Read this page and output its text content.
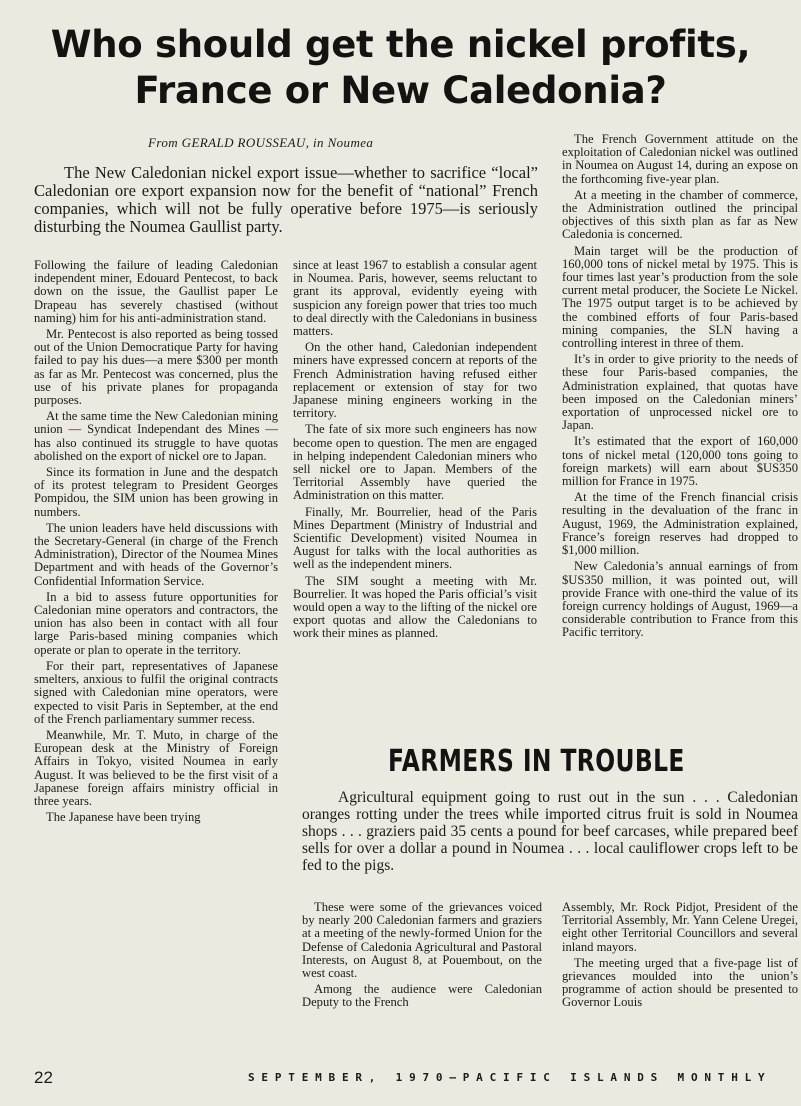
Who should get the nickel profits,
France or New Caledonia?
From GERALD ROUSSEAU, in Noumea

The New Caledonian nickel export issue—whether to sacrifice “local” Caledonian ore export expansion now for the benefit of “national” French companies, which will not be fully operative before 1975—is seriously disturbing the Noumea Gaullist party.

Following the failure of leading Caledonian independent miner, Edouard Pentecost, to back down on the issue, the Gaullist paper Le Drapeau has severely chastised (without naming) him for his anti-administration stand.

Mr. Pentecost is also reported as being tossed out of the Union Democratique Party for having failed to pay his dues—a mere $300 per month as far as Mr. Pentecost was concerned, plus the use of his private planes for propaganda purposes.

At the same time the New Caledonian mining union — Syndicat Independant des Mines — has also continued its struggle to have quotas abolished on the export of nickel ore to Japan.

Since its formation in June and the despatch of its protest telegram to President Georges Pompidou, the SIM union has been growing in numbers.

The union leaders have held discussions with the Secretary-General (in charge of the French Administration), Director of the Noumea Mines Department and with heads of the Governor’s Confidential Information Service.

In a bid to assess future opportunities for Caledonian mine operators and contractors, the union has also been in contact with all four large Paris-based mining companies which operate or plan to operate in the territory.

For their part, representatives of Japanese smelters, anxious to fulfil the original contracts signed with Caledonian mine operators, were expected to visit Paris in September, at the end of the French parliamentary summer recess.

Meanwhile, Mr. T. Muto, in charge of the European desk at the Ministry of Foreign Affairs in Tokyo, visited Noumea in early August. It was believed to be the first visit of a Japanese foreign affairs ministry official in three years.

The Japanese have been trying

since at least 1967 to establish a consular agent in Noumea. Paris, however, seems reluctant to grant its approval, evidently eyeing with suspicion any foreign power that tries too much to deal directly with the Caledonians in business matters.

On the other hand, Caledonian independent miners have expressed concern at reports of the French Administration having refused either replacement or extension of stay for two Japanese mining engineers working in the territory.

The fate of six more such engineers has now become open to question. The men are engaged in helping independent Caledonian miners who sell nickel ore to Japan. Members of the Territorial Assembly have queried the Administration on this matter.

Finally, Mr. Bourrelier, head of the Paris Mines Department (Ministry of Industrial and Scientific Development) visited Noumea in August for talks with the local authorities as well as the independent miners.

The SIM sought a meeting with Mr. Bourrelier. It was hoped the Paris official’s visit would open a way to the lifting of the nickel ore export quotas and allow the Caledonians to work their mines as planned.

The French Government attitude on the exploitation of Caledonian nickel was outlined in Noumea on August 14, during an expose on the forthcoming five-year plan.

At a meeting in the chamber of commerce, the Administration outlined the principal objectives of this sixth plan as far as New Caledonia is concerned.

Main target will be the production of 160,000 tons of nickel metal by 1975. This is four times last year’s production from the sole current metal producer, the Societe Le Nickel. The 1975 output target is to be achieved by the combined efforts of four Paris-based mining companies, the SLN having a controlling interest in three of them.

It’s in order to give priority to the needs of these four Paris-based companies, the Administration explained, that quotas have been imposed on the Caledonian miners’ exportation of unprocessed nickel ore to Japan.

It’s estimated that the export of 160,000 tons of nickel metal (120,000 tons going to foreign markets) will earn about $US350 million for France in 1975.

At the time of the French financial crisis resulting in the devaluation of the franc in August, 1969, the Administration explained, France’s foreign reserves had dropped to $1,000 million.

New Caledonia’s annual earnings of from $US350 million, it was pointed out, will provide France with one-third the value of its foreign currency holdings of August, 1969—a considerable contribution to France from this Pacific territory.

FARMERS IN TROUBLE

Agricultural equipment going to rust out in the sun . . . Caledonian oranges rotting under the trees while imported citrus fruit is sold in Noumea shops . . . graziers paid 35 cents a pound for beef carcases, while prepared beef sells for over a dollar a pound in Noumea . . . local cauliflower crops left to be fed to the pigs.

These were some of the grievances voiced by nearly 200 Caledonian farmers and graziers at a meeting of the newly-formed Union for the Defense of Caledonia Agricultural and Pastoral Interests, on August 8, at Pouembout, on the west coast.

Among the audience were Caledonian Deputy to the French

Assembly, Mr. Rock Pidjot, President of the Territorial Assembly, Mr. Yann Celene Uregei, eight other Territorial Councillors and several inland mayors.

The meeting urged that a five-page list of grievances moulded into the union’s programme of action should be presented to Governor Louis

22	SEPTEMBER, 1970—PACIFIC ISLANDS MONTHLY
